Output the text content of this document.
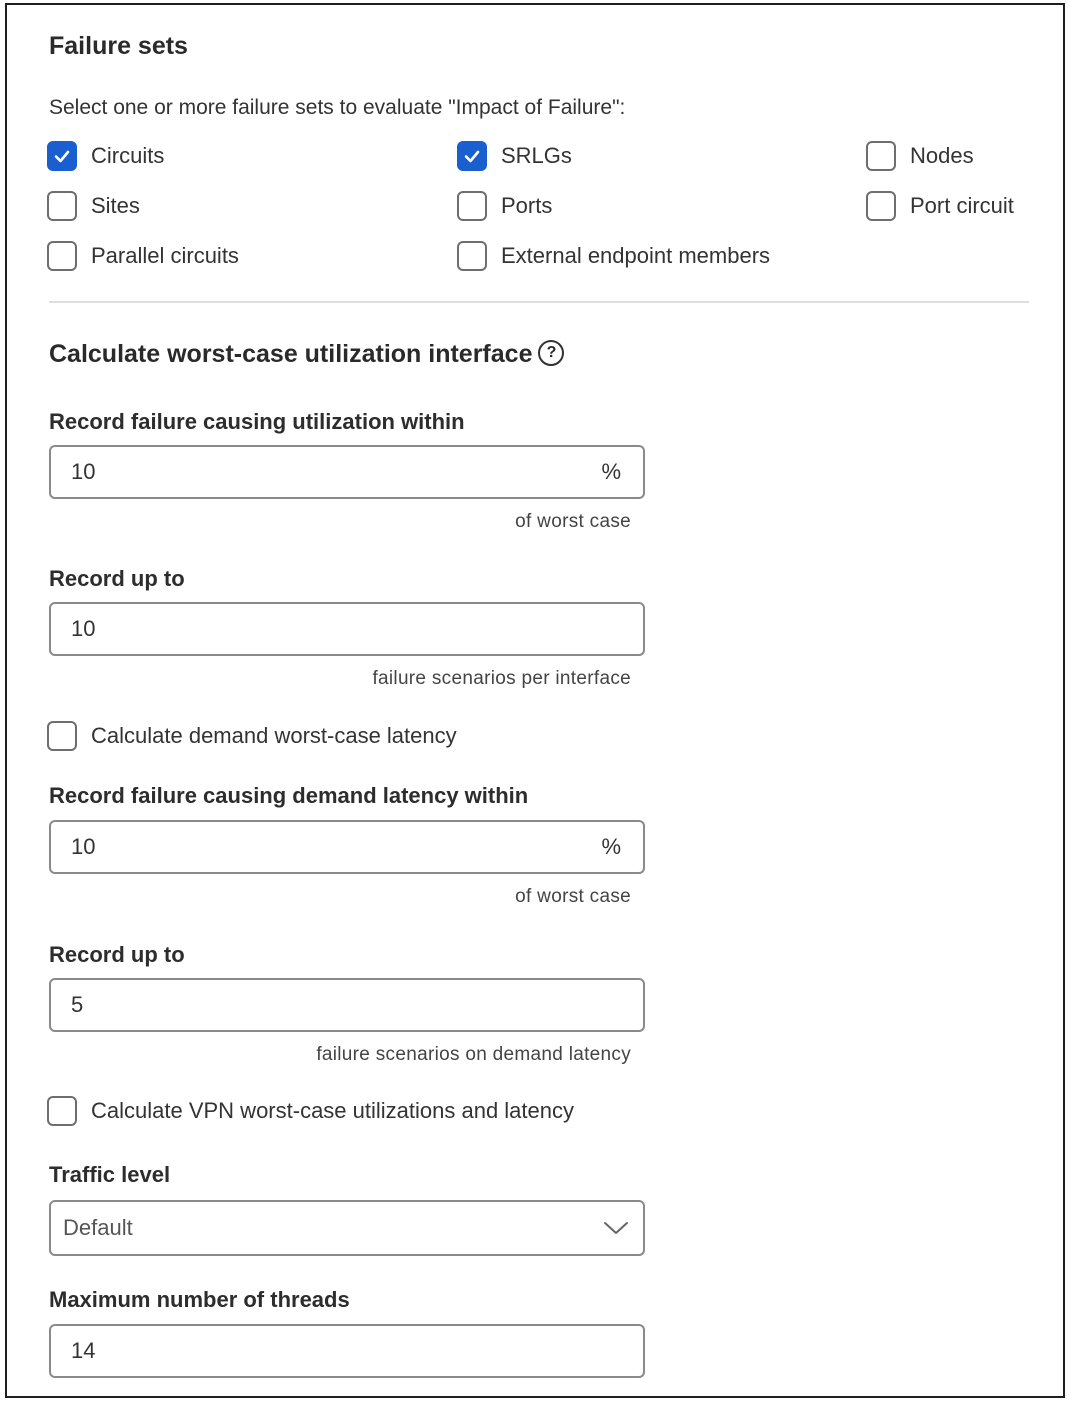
Failure sets
Select one or more failure sets to evaluate "Impact of Failure":
Circuits	SRLGs	Nodes
Sites	Ports	Port circuit
Parallel circuits	External endpoint members
Calculate worst-case utilization interface ?
Record failure causing utilization within
10	%
of worst case
Record up to
10
failure scenarios per interface
Calculate demand worst-case latency
Record failure causing demand latency within
10	%
of worst case
Record up to
5
failure scenarios on demand latency
Calculate VPN worst-case utilizations and latency
Traffic level
Default
Maximum number of threads
14
